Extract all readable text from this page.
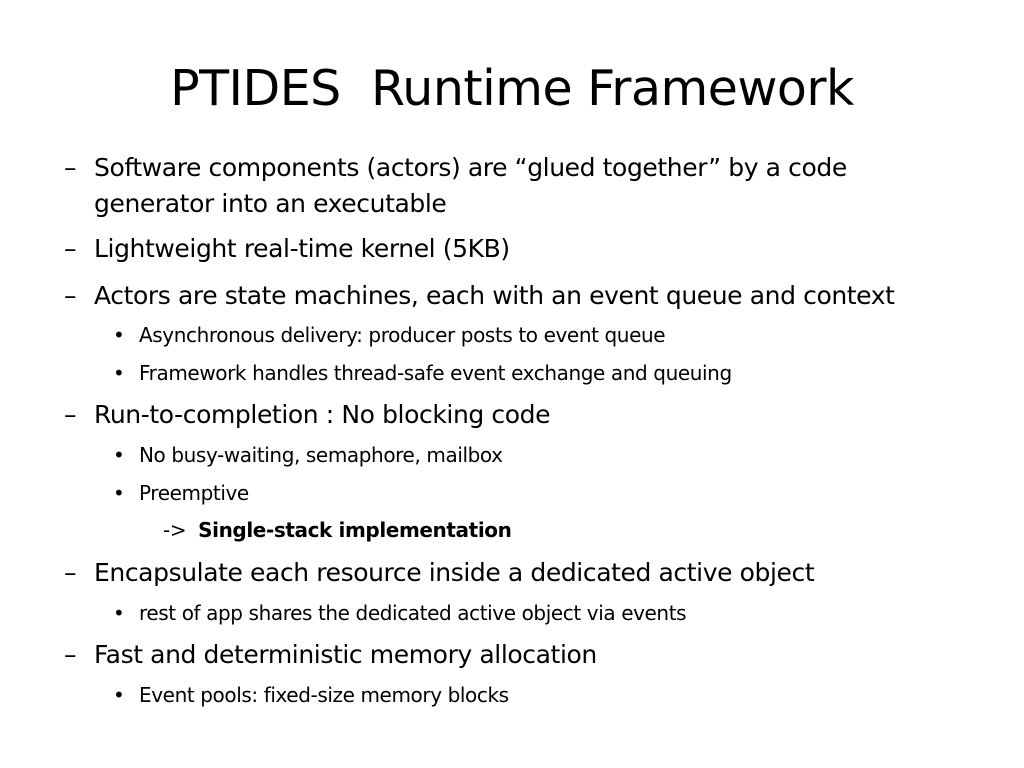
PTIDES  Runtime Framework
– Software components (actors) are “glued together” by a code
generator into an executable
– Lightweight real-time kernel (5KB)
– Actors are state machines, each with an event queue and context
• Asynchronous delivery: producer posts to event queue
• Framework handles thread-safe event exchange and queuing
– Run-to-completion : No blocking code
• No busy-waiting, semaphore, mailbox
• Preemptive
-> Single-stack implementation
– Encapsulate each resource inside a dedicated active object
• rest of app shares the dedicated active object via events
– Fast and deterministic memory allocation
• Event pools: fixed-size memory blocks
